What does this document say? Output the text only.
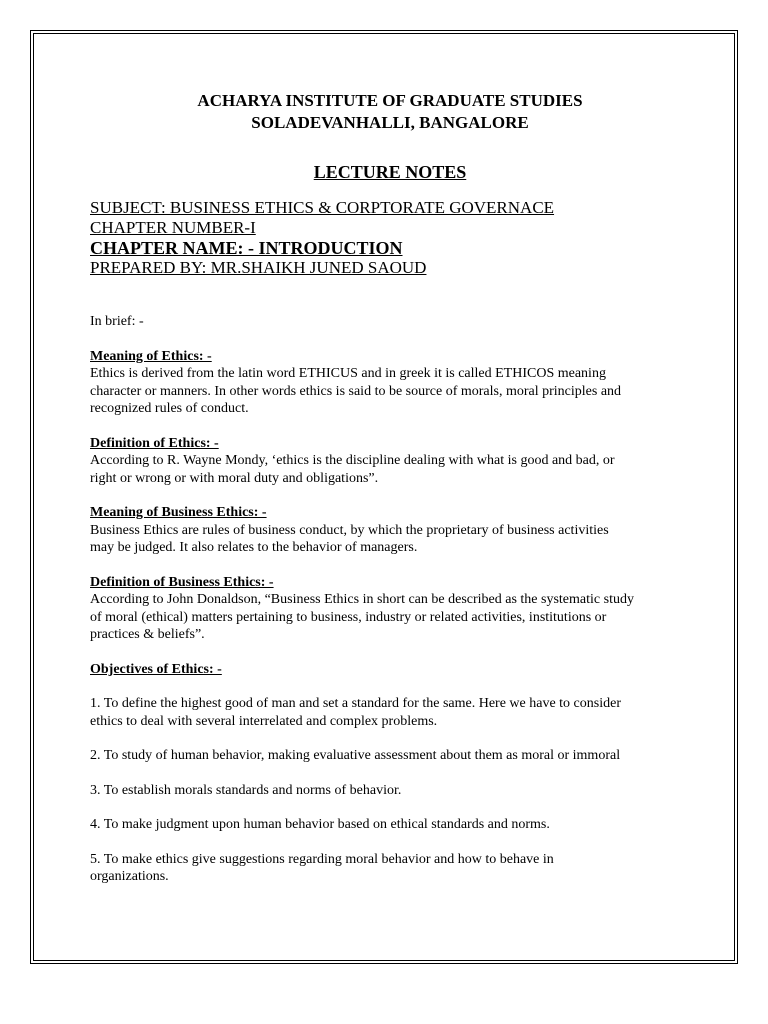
ACHARYA INSTITUTE OF GRADUATE STUDIES

SOLADEVANHALLI, BANGALORE

LECTURE NOTES

SUBJECT: BUSINESS ETHICS & CORPTORATE GOVERNACE

CHAPTER NUMBER-I

CHAPTER NAME: - INTRODUCTION

PREPARED BY: MR.SHAIKH JUNED SAOUD

In brief: -

Meaning of Ethics: -

Ethics is derived from the latin word ETHICUS and in greek it is called ETHICOS meaning

character or manners. In other words ethics is said to be source of morals, moral principles and

recognized rules of conduct.

Definition of Ethics: -

According to R. Wayne Mondy, ‘ethics is the discipline dealing with what is good and bad, or

right or wrong or with moral duty and obligations”.

Meaning of Business Ethics: -

Business Ethics are rules of business conduct, by which the proprietary of business activities

may be judged. It also relates to the behavior of managers.

Definition of Business Ethics: -

According to John Donaldson, “Business Ethics in short can be described as the systematic study

of moral (ethical) matters pertaining to business, industry or related activities, institutions or

practices & beliefs”.

Objectives of Ethics: -

1. To define the highest good of man and set a standard for the same. Here we have to consider

ethics to deal with several interrelated and complex problems.

2. To study of human behavior, making evaluative assessment about them as moral or immoral

3. To establish morals standards and norms of behavior.

4. To make judgment upon human behavior based on ethical standards and norms.

5. To make ethics give suggestions regarding moral behavior and how to behave in

organizations.
